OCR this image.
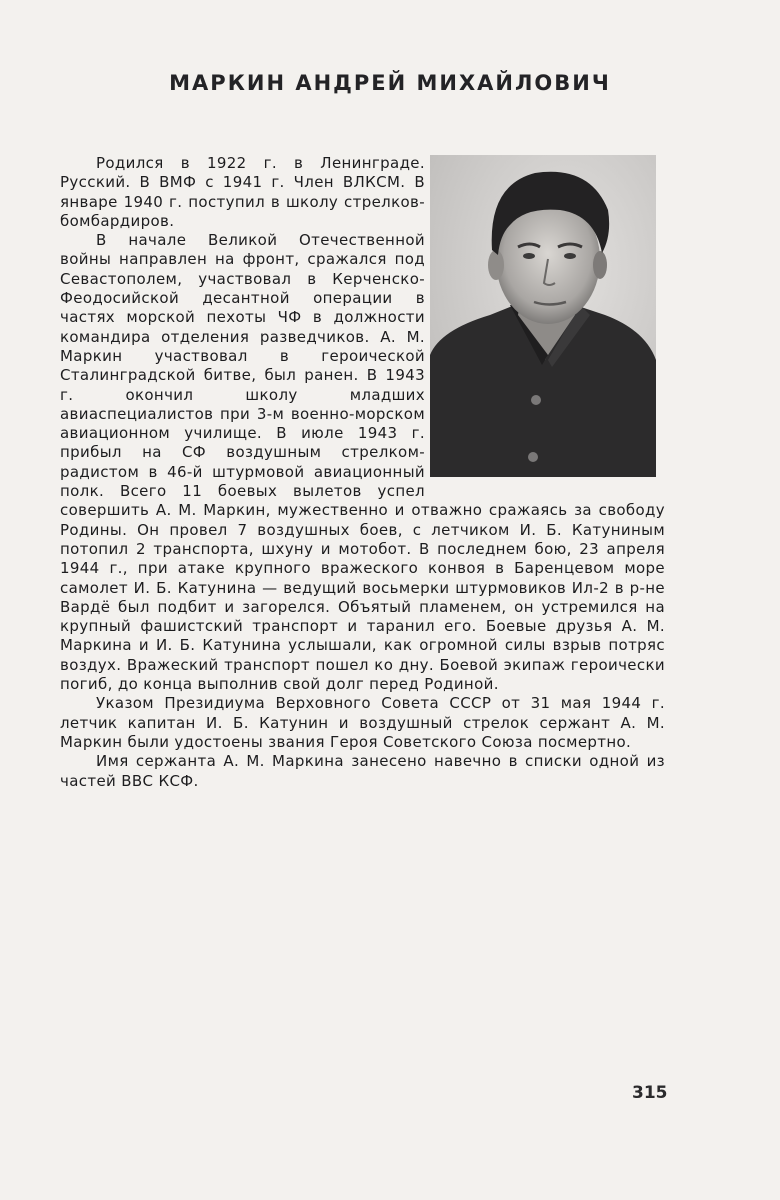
МАРКИН АНДРЕЙ МИХАЙЛОВИЧ

Родился в 1922 г. в Ленинграде. Русский. В ВМФ с 1941 г. Член ВЛКСМ. В январе 1940 г. поступил в школу стрелков-бомбардиров.

В начале Великой Отечественной войны направлен на фронт, сражался под Севастополем, участвовал в Керченско-Феодосийской десантной операции в частях морской пехоты ЧФ в должности командира отделения разведчиков. А. М. Маркин участвовал в героической Сталинградской битве, был ранен. В 1943 г. окончил школу младших авиаспециалистов при 3-м военно-морском авиационном училище. В июле 1943 г. прибыл на СФ воздушным стрелком-радистом в 46-й штурмовой авиационный полк. Всего 11 боевых вылетов успел совершить А. М. Маркин, мужественно и отважно сражаясь за свободу Родины. Он провел 7 воздушных боев, с летчиком И. Б. Катуниным потопил 2 транспорта, шхуну и мотобот. В последнем бою, 23 апреля 1944 г., при атаке крупного вражеского конвоя в Баренцевом море самолет И. Б. Катунина — ведущий восьмерки штурмовиков Ил-2 в р-не Вардё был подбит и загорелся. Объятый пламенем, он устремился на крупный фашистский транспорт и таранил его. Боевые друзья А. М. Маркина и И. Б. Катунина услышали, как огромной силы взрыв потряс воздух. Вражеский транспорт пошел ко дну. Боевой экипаж героически погиб, до конца выполнив свой долг перед Родиной.

Указом Президиума Верховного Совета СССР от 31 мая 1944 г. летчик капитан И. Б. Катунин и воздушный стрелок сержант А. М. Маркин были удостоены звания Героя Советского Союза посмертно.

Имя сержанта А. М. Маркина занесено навечно в списки одной из частей ВВС КСФ.

315
